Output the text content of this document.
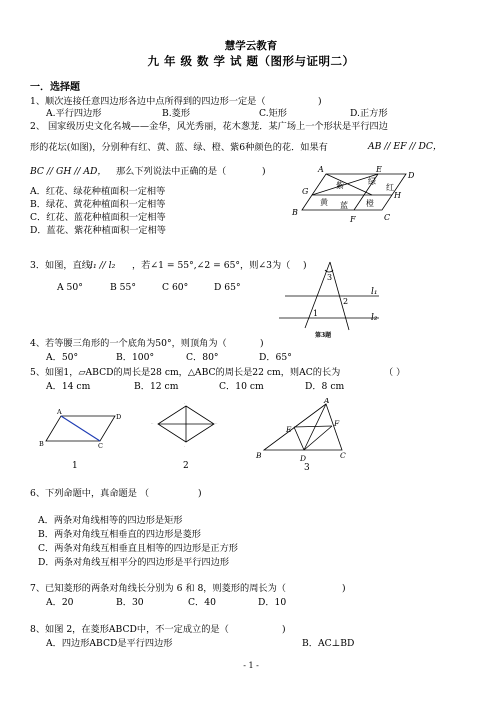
慧学云教育
九 年 级 数 学 试 题（图形与证明二）
一．选择题
1、顺次连接任意四边形各边中点所得到的四边形一定是（	)
A.平行四边形	B.菱形	C.矩形	D.正方形
2、 国家级历史文化名城——金华，风光秀丽，花木葱茏．某广场上一个形状是平行四边
形的花坛(如图)，分别种有红、黄、蓝、绿、橙、紫6种颜色的花．如果有	AB // EF // DC，
BC // GH // AD， 那么下列说法中正确的是（	)
A．红花、绿花种植面积一定相等
B．绿花、黄花种植面积一定相等
C．红花、蓝花种植面积一定相等
D．蓝花、紫花种植面积一定相等
A	E
D
G	H
B
F	C
紫	绿
红
黄	橙
蓝
3．如图，直线 l₁ // l₂ ，若∠1 = 55°,∠2 = 65°，则∠3为（ )
A 50°	B 55°	C 60°	D 65°
3
2
1
l₁
l₂
第3题
4、若等腰三角形的一个底角为50°，则顶角为（	)
A．50°	B．100°	C．80°	D．65°
5、如图1，▱ABCD的周长是28 cm，△ABC的周长是22 cm，则AC的长为	（ ）
A．14 cm	B．12 cm	C．10 cm	D．8 cm
A
D
B	C
1
·
··	··
·
2
A
F
E
B	D	C
3
6、下列命题中，真命题是 （	)
A．两条对角线相等的四边形是矩形
B．两条对角线互相垂直的四边形是菱形
C．两条对角线互相垂直且相等的四边形是正方形
D．两条对角线互相平分的四边形是平行四边形
7、已知菱形的两条对角线长分别为 6 和 8，则菱形的周长为（	)
A．20	B．30	C．40	D．10
8、如图 2，在菱形ABCD中，不一定成立的是（	)
A．四边形ABCD是平行四边形	B．AC⊥BD
- 1 -
